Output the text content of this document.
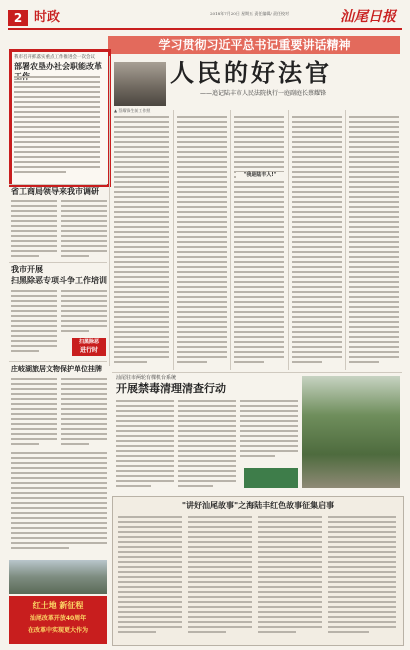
2 时政	2018年7月20日 星期五 责任编辑/ 责任校对	汕尾日报
学习贯彻习近平总书记重要讲话精神
我市召开抓落实重点工作推进会一次会议
部署农垦办社会职能改革	人民的好法官
——追记陆丰市人民法院执行一庭副庭长蔡耀锋
▲ 蔡耀锋生前工作照
"我是陆丰人!"
省工商局领导来我市调研
我市开展
扫黑除恶专项斗争工作培训
扫黑除恶
进行时
庄岐湖旅居文物保护单位挂牌
汕尾驻市两轮有棵机台系统
开展禁毒清理清查行动
"讲好汕尾故事"之海陆丰红色故事征集启事
红土地 新征程
汕尾改革开放40周年
在改革中实现更大作为
